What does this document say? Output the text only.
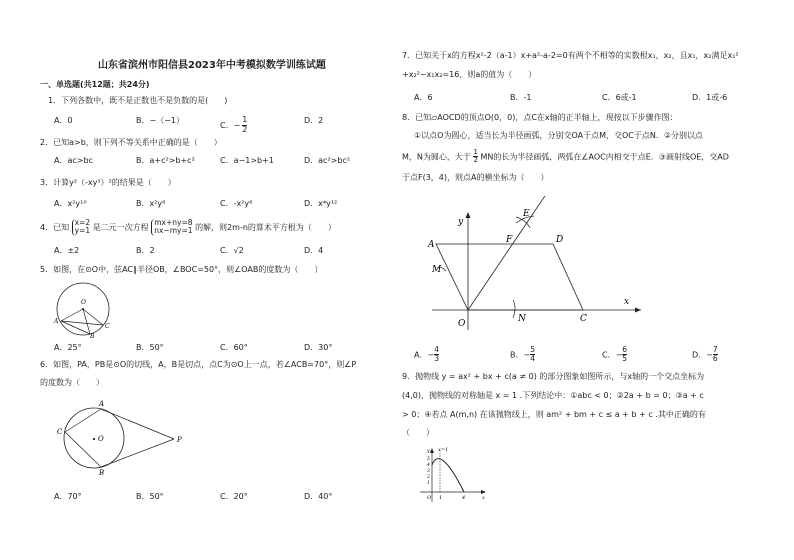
山东省滨州市阳信县2023年中考模拟数学训练试题
一、单选题(共12题；共24分)
1．下列各数中，既不是正数也不是负数的是(　　)
A．0	B．−（−1）
C．− $\frac{1}{2}$	D．2
2．已知a>b，则下列不等关系中正确的是（　　）
A．ac>bc	B．a+c²>b+c²	C．a−1>b+1	D．ac²>bc²
3．计算y²（-xy³）²的结果是（　　）
A．x²y¹⁰	B．x²y⁸	C．-x²y⁸	D．x⁴y¹²
4．已知
x=2
y=1 是二元一次方程
mx+ny=8
nx−my=1 的解，则2m-n的算术平方根为（　　）
A．±2	B．2	C．√2	D．4
5．如图，在⊙O中，弦AC∥半径OB，∠BOC=50°，则∠OAB的度数为（　　）
O
A
C
B
A．25°	B．50°	C．60°	D．30°
6．如图，PA，PB是⊙O的切线，A，B是切点，点C为⊙O上一点，若∠ACB=70°，则∠P
的度数为（　　）
O
A
B
C
P
A．70°	B．50°	C．20°	D．40°
7．已知关于x的方程x²-2（a-1）x+a²-a-2=0有两个不相等的实数根x₁，x₂，且x₁，x₂满足x₁²
+x₂²−x₁x₂=16，则a的值为（　　）
A．6	B．-1	C．6或-1	D．1或-6
8．已知▱AOCD的顶点O(0，0)，点C在x轴的正半轴上，现按以下步骤作图：
①以点O为圆心，适当长为半径画弧，分别交OA于点M，交OC于点N．②分别以点
M，N为圆心，大于 $\frac{1}{2}$ MN的长为半径画弧，两弧在∠AOC内相交于点E．③画射线OE，交AD
于点F(3，4)，则点A的横坐标为（　　）
A	D
F
E
M
N
O	C
x
y
A．− $\frac{4}{3}$	B．− $\frac{5}{4}$	C．− $\frac{6}{5}$	D．− $\frac{7}{6}$
9．抛物线 y = ax² + bx + c(a ≠ 0) 的部分图象如图所示，与x轴的一个交点坐标为
(4,0)，抛物线的对称轴是 x = 1 .下列结论中：①abc < 0；②2a + b = 0；③a + c
> 0；④若点 A(m,n) 在该抛物线上，则 am² + bm + c ≤ a + b + c .其中正确的有
（　　）
y x=1
5
4
3
2
1
O 1	4	x
